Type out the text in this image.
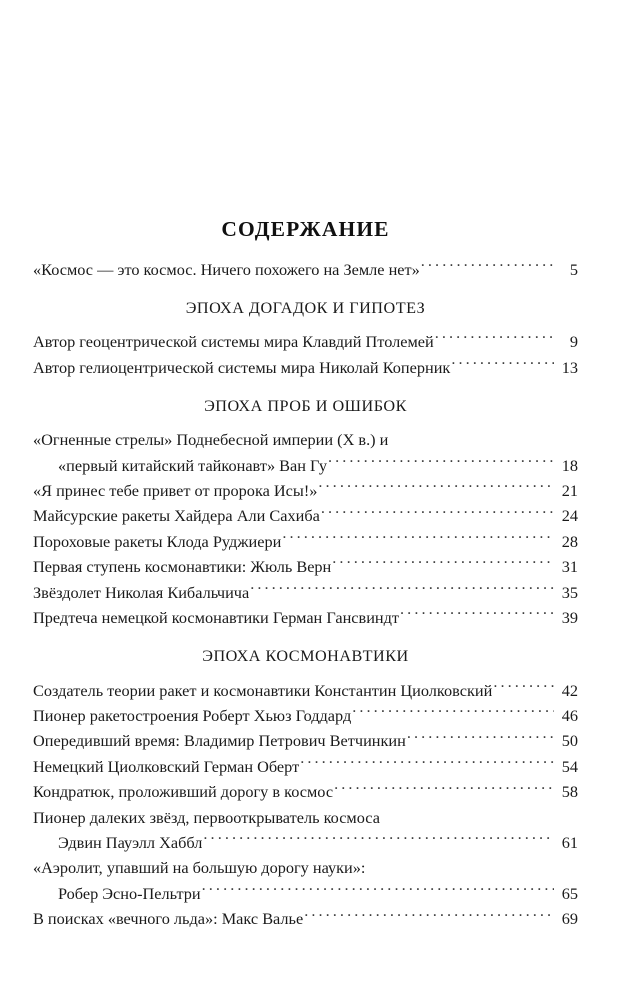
СОДЕРЖАНИЕ
«Космос — это космос. Ничего похожего на Земле нет» . . .	5
ЭПОХА ДОГАДОК И ГИПОТЕЗ
Автор геоцентрической системы мира Клавдий Птолемей . . .	9
Автор гелиоцентрической системы мира Николай Коперник . . .	13
ЭПОХА ПРОБ И ОШИБОК
«Огненные стрелы» Поднебесной империи (X в.) и
«первый китайский тайконавт» Ван Гу . . .	18
«Я принес тебе привет от пророка Исы!» . . .	21
Майсурские ракеты Хайдера Али Сахиба . . .	24
Пороховые ракеты Клода Руджиери . . .	28
Первая ступень космонавтики: Жюль Верн . . .	31
Звёздолет Николая Кибальчича . . .	35
Предтеча немецкой космонавтики Герман Гансвиндт . . .	39
ЭПОХА КОСМОНАВТИКИ
Создатель теории ракет и космонавтики Константин Циолковский . . .	42
Пионер ракетостроения Роберт Хьюз Годдард . . .	46
Опередивший время: Владимир Петрович Ветчинкин . . .	50
Немецкий Циолковский Герман Оберт . . .	54
Кондратюк, проложивший дорогу в космос . . .	58
Пионер далеких звёзд, первооткрыватель космоса
Эдвин Пауэлл Хаббл . . .	61
«Аэролит, упавший на большую дорогу науки»:
Робер Эсно-Пельтри . . .	65
В поисках «вечного льда»: Макс Валье . . .	69
